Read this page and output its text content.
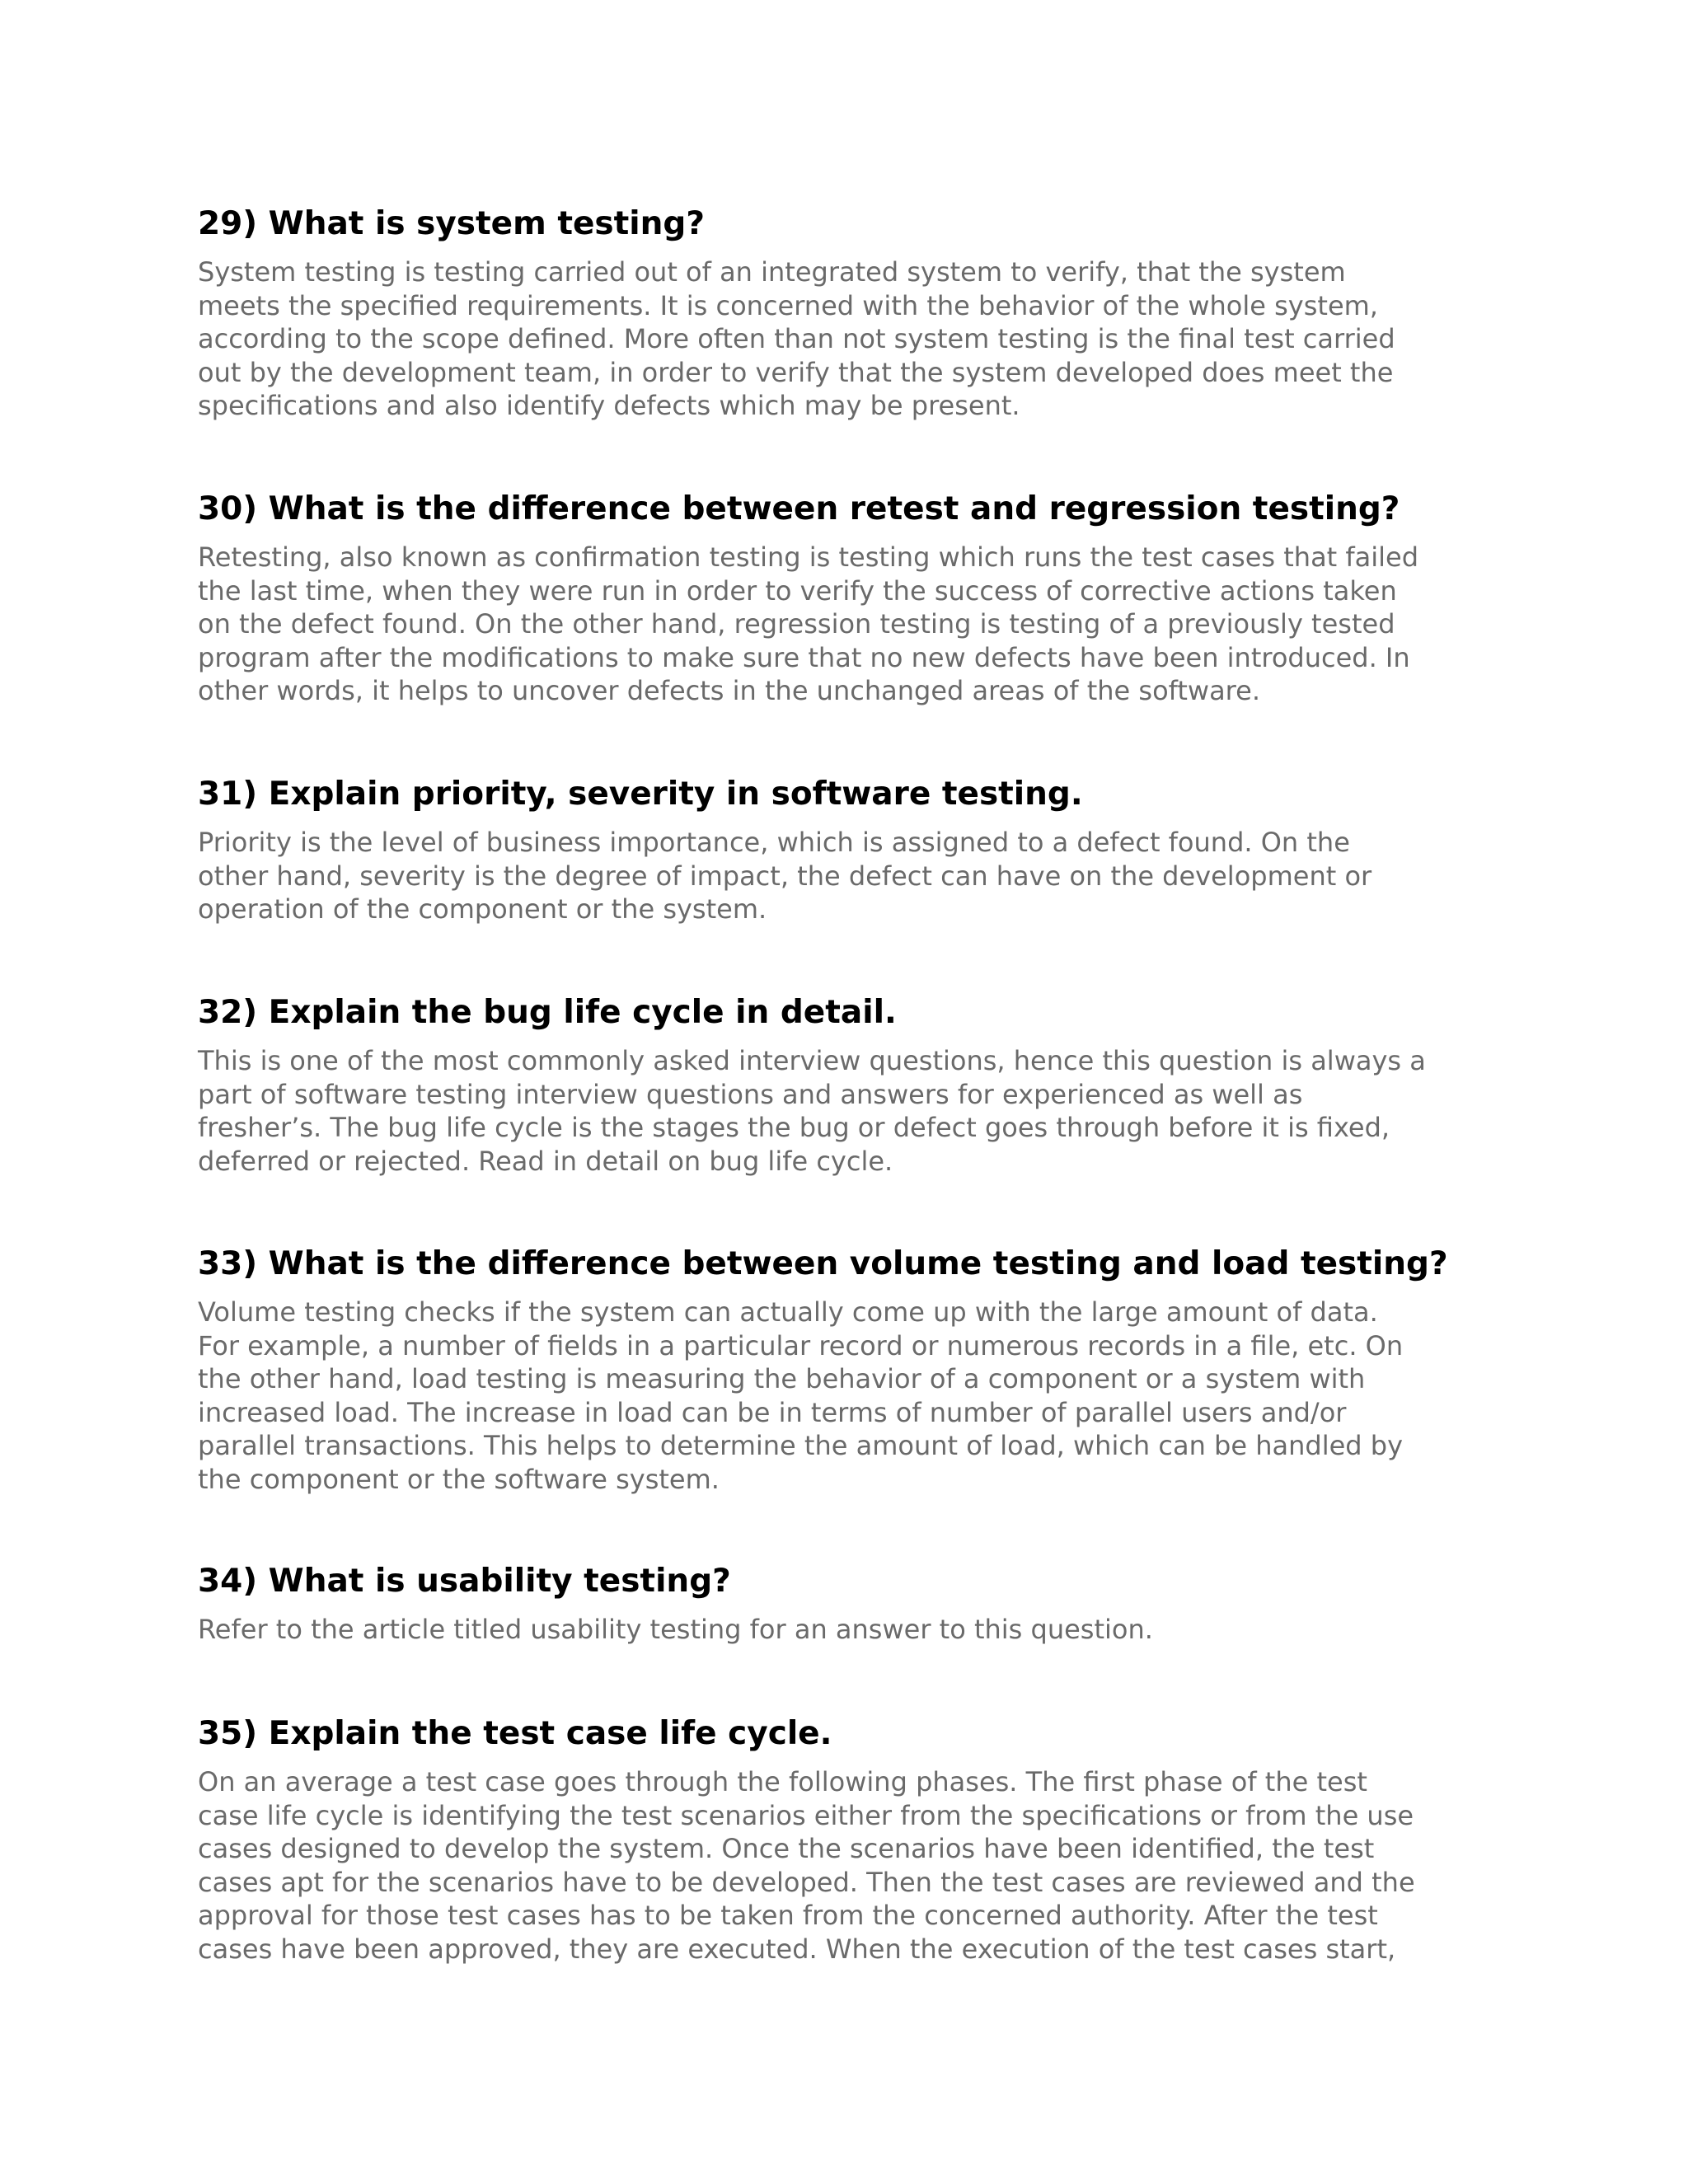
29) What is system testing?
System testing is testing carried out of an integrated system to verify, that the system
meets the specified requirements. It is concerned with the behavior of the whole system,
according to the scope defined. More often than not system testing is the final test carried
out by the development team, in order to verify that the system developed does meet the
specifications and also identify defects which may be present.
30) What is the difference between retest and regression testing?
Retesting, also known as confirmation testing is testing which runs the test cases that failed
the last time, when they were run in order to verify the success of corrective actions taken
on the defect found. On the other hand, regression testing is testing of a previously tested
program after the modifications to make sure that no new defects have been introduced. In
other words, it helps to uncover defects in the unchanged areas of the software.
31) Explain priority, severity in software testing.
Priority is the level of business importance, which is assigned to a defect found. On the
other hand, severity is the degree of impact, the defect can have on the development or
operation of the component or the system.
32) Explain the bug life cycle in detail.
This is one of the most commonly asked interview questions, hence this question is always a
part of software testing interview questions and answers for experienced as well as
fresher’s. The bug life cycle is the stages the bug or defect goes through before it is fixed,
deferred or rejected. Read in detail on bug life cycle.
33) What is the difference between volume testing and load testing?
Volume testing checks if the system can actually come up with the large amount of data.
For example, a number of fields in a particular record or numerous records in a file, etc. On
the other hand, load testing is measuring the behavior of a component or a system with
increased load. The increase in load can be in terms of number of parallel users and/or
parallel transactions. This helps to determine the amount of load, which can be handled by
the component or the software system.
34) What is usability testing?
Refer to the article titled usability testing for an answer to this question.
35) Explain the test case life cycle.
On an average a test case goes through the following phases. The first phase of the test
case life cycle is identifying the test scenarios either from the specifications or from the use
cases designed to develop the system. Once the scenarios have been identified, the test
cases apt for the scenarios have to be developed. Then the test cases are reviewed and the
approval for those test cases has to be taken from the concerned authority. After the test
cases have been approved, they are executed. When the execution of the test cases start,
